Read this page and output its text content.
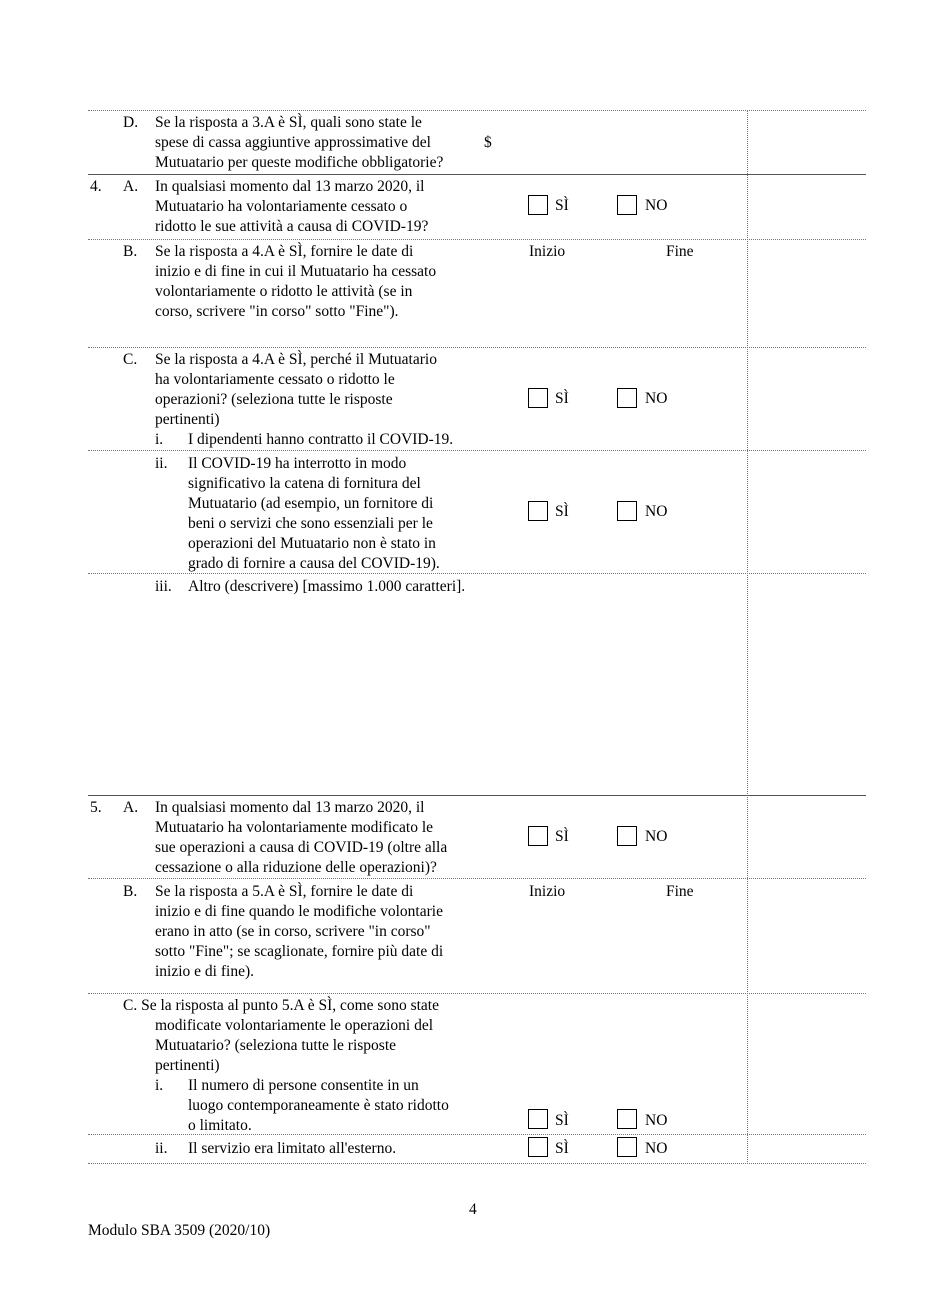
D. Se la risposta a 3.A è SÌ, quali sono state le
spese di cassa aggiuntive approssimative del
Mutuatario per queste modifiche obbligatorie?
$
4. A. In qualsiasi momento dal 13 marzo 2020, il
Mutuatario ha volontariamente cessato o
ridotto le sue attività a causa di COVID-19?
SÌ	NO
B. Se la risposta a 4.A è SÌ, fornire le date di
inizio e di fine in cui il Mutuatario ha cessato
volontariamente o ridotto le attività (se in
corso, scrivere "in corso" sotto "Fine").
Inizio	Fine
C. Se la risposta a 4.A è SÌ, perché il Mutuatario
ha volontariamente cessato o ridotto le
operazioni? (seleziona tutte le risposte
pertinenti)
i. I dipendenti hanno contratto il COVID-19.
SÌ	NO
ii. Il COVID-19 ha interrotto in modo
significativo la catena di fornitura del
Mutuatario (ad esempio, un fornitore di
beni o servizi che sono essenziali per le
operazioni del Mutuatario non è stato in
grado di fornire a causa del COVID-19).
SÌ	NO
iii. Altro (descrivere) [massimo 1.000 caratteri].
5. A. In qualsiasi momento dal 13 marzo 2020, il
Mutuatario ha volontariamente modificato le
sue operazioni a causa di COVID-19 (oltre alla
cessazione o alla riduzione delle operazioni)?
SÌ	NO
B. Se la risposta a 5.A è SÌ, fornire le date di
inizio e di fine quando le modifiche volontarie
erano in atto (se in corso, scrivere "in corso"
sotto "Fine"; se scaglionate, fornire più date di
inizio e di fine).
Inizio	Fine
C. Se la risposta al punto 5.A è SÌ, come sono state
modificate volontariamente le operazioni del
Mutuatario? (seleziona tutte le risposte
pertinenti)
i. Il numero di persone consentite in un
luogo contemporaneamente è stato ridotto
o limitato.	SÌ	NO
ii. Il servizio era limitato all'esterno.	SÌ	NO
4
Modulo SBA 3509 (2020/10)
